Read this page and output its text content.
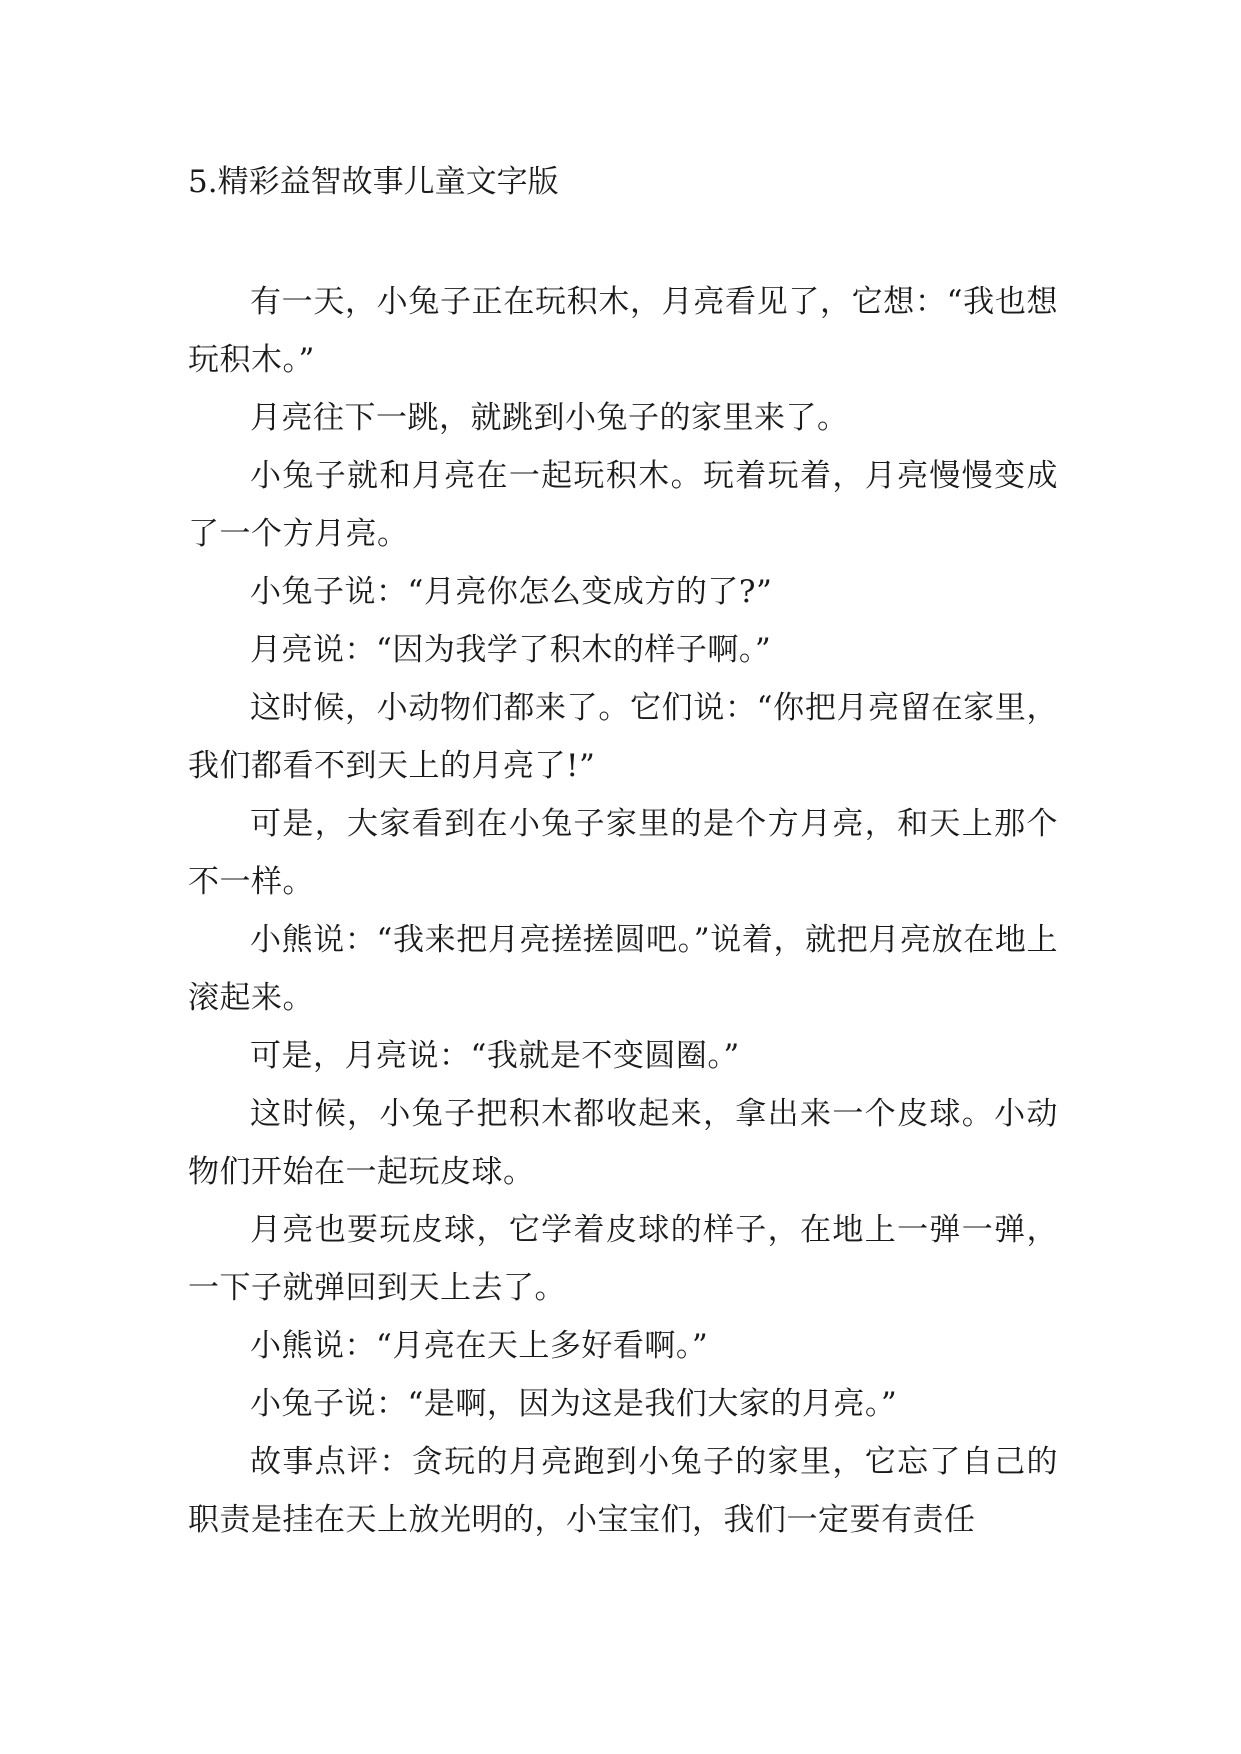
5.精彩益智故事儿童文字版

有一天，小兔子正在玩积木，月亮看见了，它想：“我也想玩积木。”

月亮往下一跳，就跳到小兔子的家里来了。

小兔子就和月亮在一起玩积木。玩着玩着，月亮慢慢变成了一个方月亮。

小兔子说：“月亮你怎么变成方的了?”

月亮说：“因为我学了积木的样子啊。”

这时候，小动物们都来了。它们说：“你把月亮留在家里，我们都看不到天上的月亮了!”

可是，大家看到在小兔子家里的是个方月亮，和天上那个不一样。

小熊说：“我来把月亮搓搓圆吧。”说着，就把月亮放在地上滚起来。

可是，月亮说：“我就是不变圆圈。”

这时候，小兔子把积木都收起来，拿出来一个皮球。小动物们开始在一起玩皮球。

月亮也要玩皮球，它学着皮球的样子，在地上一弹一弹，一下子就弹回到天上去了。

小熊说：“月亮在天上多好看啊。”

小兔子说：“是啊，因为这是我们大家的月亮。”

故事点评：贪玩的月亮跑到小兔子的家里，它忘了自己的职责是挂在天上放光明的，小宝宝们，我们一定要有责任
